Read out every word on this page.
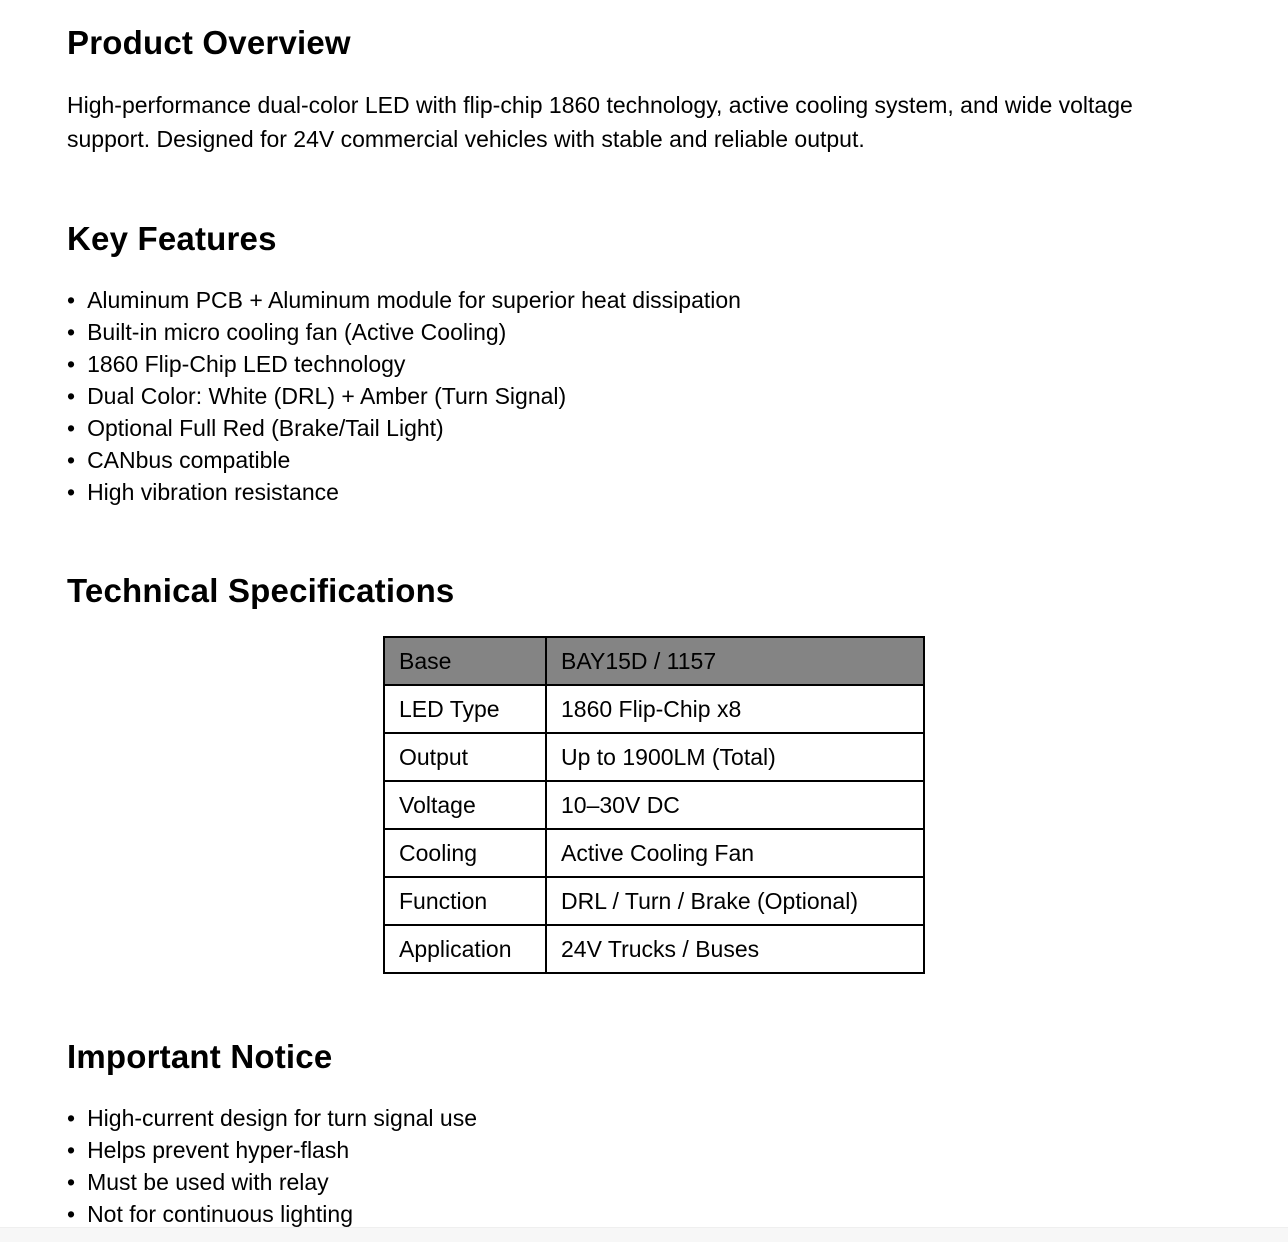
Product Overview

High-performance dual-color LED with flip-chip 1860 technology, active cooling system, and wide voltage support. Designed for 24V commercial vehicles with stable and reliable output.

Key Features
• Aluminum PCB + Aluminum module for superior heat dissipation
• Built-in micro cooling fan (Active Cooling)
• 1860 Flip-Chip LED technology
• Dual Color: White (DRL) + Amber (Turn Signal)
• Optional Full Red (Brake/Tail Light)
• CANbus compatible
• High vibration resistance
Technical Specifications
Base	BAY15D / 1157
LED Type	1860 Flip-Chip x8
Output	Up to 1900LM (Total)
Voltage	10–30V DC
Cooling	Active Cooling Fan
Function	DRL / Turn / Brake (Optional)
Application	24V Trucks / Buses
Important Notice
• High-current design for turn signal use
• Helps prevent hyper-flash
• Must be used with relay
• Not for continuous lighting
